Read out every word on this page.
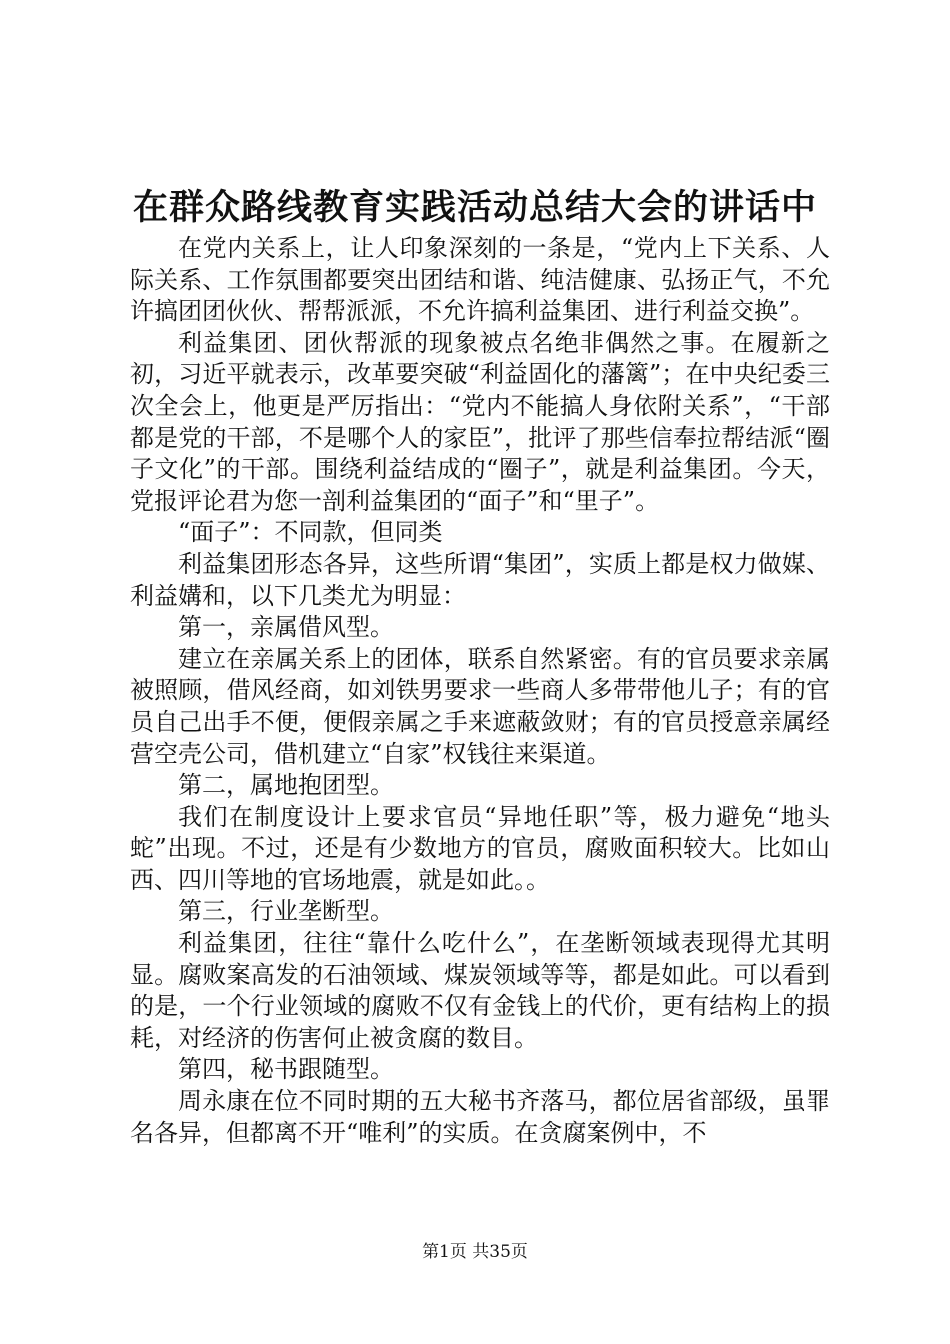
在群众路线教育实践活动总结大会的讲话中

在党内关系上，让人印象深刻的一条是，“党内上下关系、人际关系、工作氛围都要突出团结和谐、纯洁健康、弘扬正气，不允许搞团团伙伙、帮帮派派，不允许搞利益集团、进行利益交换”。

利益集团、团伙帮派的现象被点名绝非偶然之事。在履新之初，习近平就表示，改革要突破“利益固化的藩篱”；在中央纪委三次全会上，他更是严厉指出：“党内不能搞人身依附关系”，“干部都是党的干部，不是哪个人的家臣”，批评了那些信奉拉帮结派“圈子文化”的干部。围绕利益结成的“圈子”，就是利益集团。今天，党报评论君为您一剖利益集团的“面子”和“里子”。

“面子”：不同款，但同类

利益集团形态各异，这些所谓“集团”，实质上都是权力做媒、利益媾和，以下几类尤为明显：

第一，亲属借风型。

建立在亲属关系上的团体，联系自然紧密。有的官员要求亲属被照顾，借风经商，如刘铁男要求一些商人多带带他儿子；有的官员自己出手不便，便假亲属之手来遮蔽敛财；有的官员授意亲属经营空壳公司，借机建立“自家”权钱往来渠道。

第二，属地抱团型。

我们在制度设计上要求官员“异地任职”等，极力避免“地头蛇”出现。不过，还是有少数地方的官员，腐败面积较大。比如山西、四川等地的官场地震，就是如此。。

第三，行业垄断型。

利益集团，往往“靠什么吃什么”，在垄断领域表现得尤其明显。腐败案高发的石油领域、煤炭领域等等，都是如此。可以看到的是，一个行业领域的腐败不仅有金钱上的代价，更有结构上的损耗，对经济的伤害何止被贪腐的数目。

第四，秘书跟随型。

周永康在位不同时期的五大秘书齐落马，都位居省部级，虽罪名各异，但都离不开“唯利”的实质。在贪腐案例中，不

第1页 共35页
